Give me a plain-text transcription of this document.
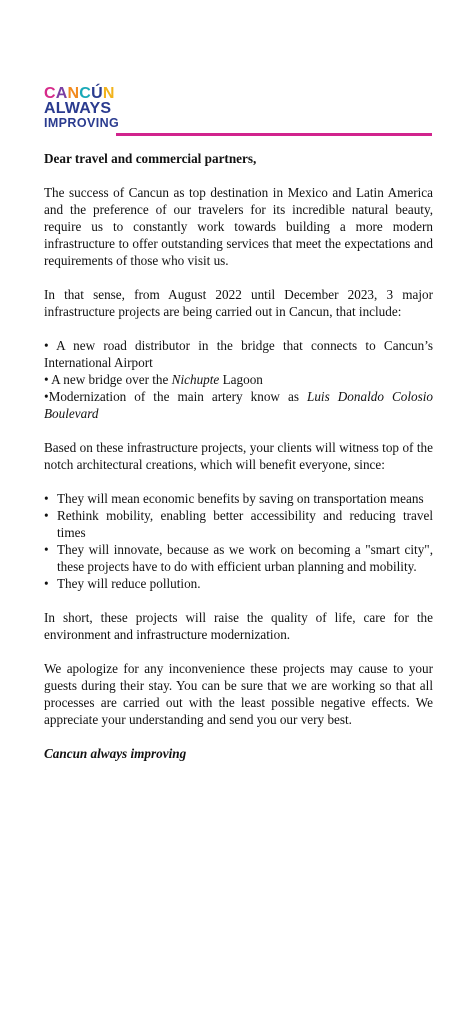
CANCÚN
ALWAYS
IMPROVING

Dear travel and commercial partners,

The success of Cancun as top destination in Mexico and Latin America and the preference of our travelers for its incredible natural beauty, require us to constantly work towards building a more modern infrastructure to offer outstanding services that meet the expectations and requirements of those who visit us.

In that sense, from August 2022 until December 2023, 3 major infrastructure projects are being carried out in Cancun, that include:

• A new road distributor in the bridge that connects to Cancun’s International Airport

• A new bridge over the Nichupte Lagoon

•Modernization of the main artery know as Luis Donaldo Colosio Boulevard

Based on these infrastructure projects, your clients will witness top of the notch architectural creations, which will benefit everyone, since:

• They will mean economic benefits by saving on transportation means
• Rethink mobility, enabling better accessibility and reducing travel times
• They will innovate, because as we work on becoming a "smart city", these projects have to do with efficient urban planning and mobility.
• They will reduce pollution.

In short, these projects will raise the quality of life, care for the environment and infrastructure modernization.

We apologize for any inconvenience these projects may cause to your guests during their stay. You can be sure that we are working so that all processes are carried out with the least possible negative effects. We appreciate your understanding and send you our very best.

Cancun always improving
